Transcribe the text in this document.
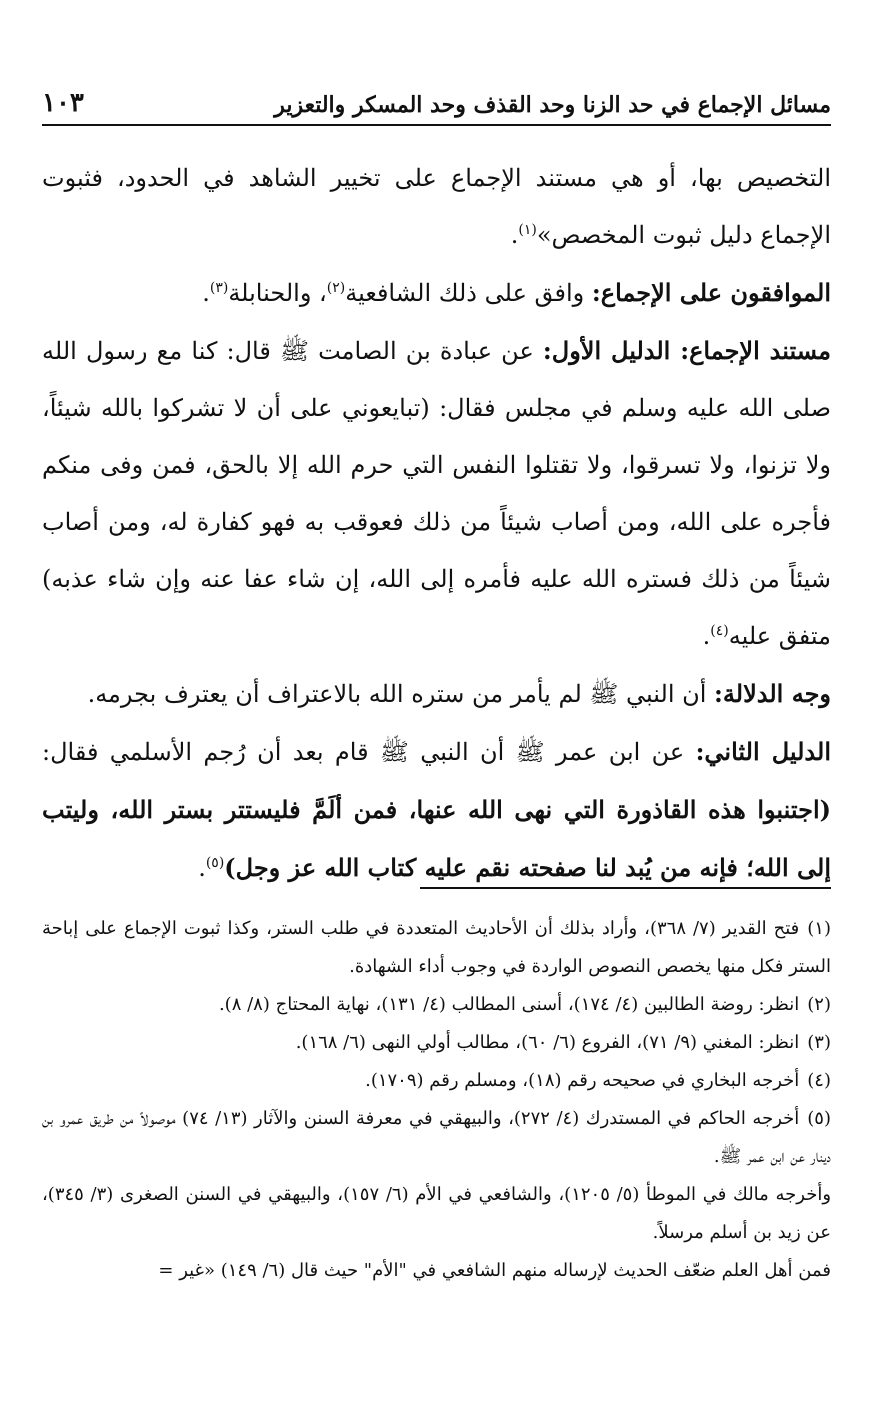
مسائل الإجماع في حد الزنا وحد القذف وحد المسكر والتعزير
١٠٣

التخصيص بها، أو هي مستند الإجماع على تخيير الشاهد في الحدود، فثبوت الإجماع دليل ثبوت المخصص»$^{(١)}$.

الموافقون على الإجماع: وافق على ذلك الشافعية$^{(٢)}$، والحنابلة$^{(٣)}$.

مستند الإجماع: الدليل الأول: عن عبادة بن الصامت ﷺ قال: كنا مع رسول الله صلى الله عليه وسلم في مجلس فقال: (تبايعوني على أن لا تشركوا بالله شيئاً، ولا تزنوا، ولا تسرقوا، ولا تقتلوا النفس التي حرم الله إلا بالحق، فمن وفى منكم فأجره على الله، ومن أصاب شيئاً من ذلك فعوقب به فهو كفارة له، ومن أصاب شيئاً من ذلك فستره الله عليه فأمره إلى الله، إن شاء عفا عنه وإن شاء عذبه) متفق عليه$^{(٤)}$.

وجه الدلالة: أن النبي ﷺ لم يأمر من ستره الله بالاعتراف أن يعترف بجرمه.

الدليل الثاني: عن ابن عمر ﷺ أن النبي ﷺ قام بعد أن رُجم الأسلمي فقال: (اجتنبوا هذه القاذورة التي نهى الله عنها، فمن ألَمَّ فليستتر بستر الله، وليتب إلى الله؛ فإنه من يُبد لنا صفحته نقم عليه كتاب الله عز وجل)$^{(٥)}$.

(١)فتح القدير (٧/ ٣٦٨)، وأراد بذلك أن الأحاديث المتعددة في طلب الستر، وكذا ثبوت الإجماع على إباحة الستر فكل منها يخصص النصوص الواردة في وجوب أداء الشهادة.

(٢)انظر: روضة الطالبين (٤/ ١٧٤)، أسنى المطالب (٤/ ١٣١)، نهاية المحتاج (٨/ ٨).

(٣)انظر: المغني (٩/ ٧١)، الفروع (٦/ ٦٠)، مطالب أولي النهى (٦/ ١٦٨).

(٤)أخرجه البخاري في صحيحه رقم (١٨)، ومسلم رقم (١٧٠٩).

(٥)أخرجه الحاكم في المستدرك (٤/ ٢٧٢)، والبيهقي في معرفة السنن والآثار (١٣/ ٧٤) موصولاً من طريق عمرو بن دينار عن ابن عمر ﷺ.

وأخرجه مالك في الموطأ (٥/ ١٢٠٥)، والشافعي في الأم (٦/ ١٥٧)، والبيهقي في السنن الصغرى (٣/ ٣٤٥)، عن زيد بن أسلم مرسلاً.

فمن أهل العلم ضعّف الحديث لإرساله منهم الشافعي في "الأم" حيث قال (٦/ ١٤٩) «غير =
